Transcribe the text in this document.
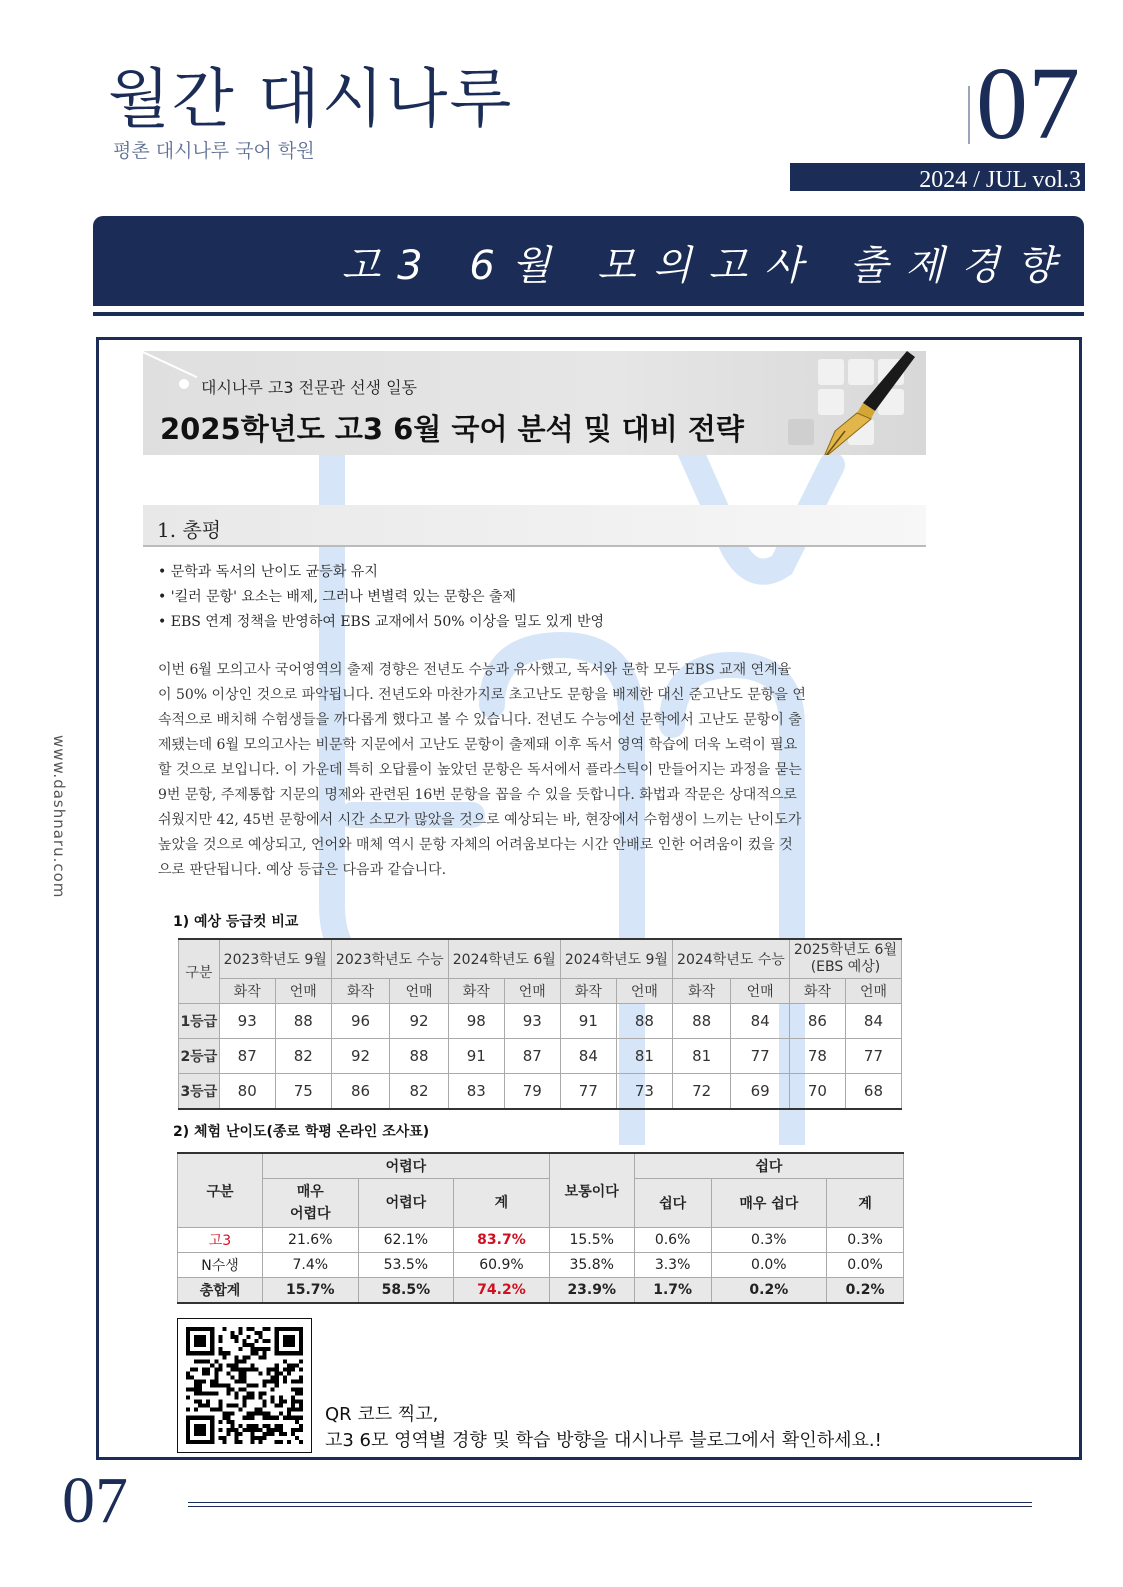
월간 대시나루
평촌 대시나루 국어 학원	07
2024 / JUL vol.3
고3 6월 모의고사 출제경향
www.dashnaru.com
대시나루 고3 전문관 선생 일동
2025학년도 고3 6월 국어 분석 및 대비 전략
1. 총평
• 문학과 독서의 난이도 균등화 유지
• '킬러 문항' 요소는 배제, 그러나 변별력 있는 문항은 출제
• EBS 연계 정책을 반영하여 EBS 교재에서 50% 이상을 밀도 있게 반영
이번 6월 모의고사 국어영역의 출제 경향은 전년도 수능과 유사했고, 독서와 문학 모두 EBS 교재 연계율
이 50% 이상인 것으로 파악됩니다. 전년도와 마찬가지로 초고난도 문항을 배제한 대신 준고난도 문항을 연
속적으로 배치해 수험생들을 까다롭게 했다고 볼 수 있습니다. 전년도 수능에선 문학에서 고난도 문항이 출
제됐는데 6월 모의고사는 비문학 지문에서 고난도 문항이 출제돼 이후 독서 영역 학습에 더욱 노력이 필요
할 것으로 보입니다. 이 가운데 특히 오답률이 높았던 문항은 독서에서 플라스틱이 만들어지는 과정을 묻는
9번 문항, 주제통합 지문의 명제와 관련된 16번 문항을 꼽을 수 있을 듯합니다. 화법과 작문은 상대적으로
쉬웠지만 42, 45번 문항에서 시간 소모가 많았을 것으로 예상되는 바, 현장에서 수험생이 느끼는 난이도가
높았을 것으로 예상되고, 언어와 매체 역시 문항 자체의 어려움보다는 시간 안배로 인한 어려움이 컸을 것
으로 판단됩니다. 예상 등급은 다음과 같습니다.
1) 예상 등급컷 비교
구분	2023학년도 9월		2023학년도 수능		2024학년도 6월		2024학년도 9월		2024학년도 수능		2025학년도 6월
(EBS 예상)	
	화작	언매	화작	언매	화작	언매	화작	언매	화작	언매	화작	언매
1등급	93	88	96	92	98	93	91	88	88	84	86	84
2등급	87	82	92	88	91	87	84	81	81	77	78	77
3등급	80	75	86	82	83	79	77	73	72	69	70	68
2) 체험 난이도(종로 학평 온라인 조사표)
구분	어렵다			보통이다	쉽다		
	매우
어렵다	어렵다	계		쉽다	매우 쉽다	계
고3	21.6%	62.1%	83.7%	15.5%	0.6%	0.3%	0.3%
N수생	7.4%	53.5%	60.9%	35.8%	3.3%	0.0%	0.0%
총합계	15.7%	58.5%	74.2%	23.9%	1.7%	0.2%	0.2%
QR 코드 찍고,
고3 6모 영역별 경향 및 학습 방향을 대시나루 블로그에서 확인하세요.!
07
